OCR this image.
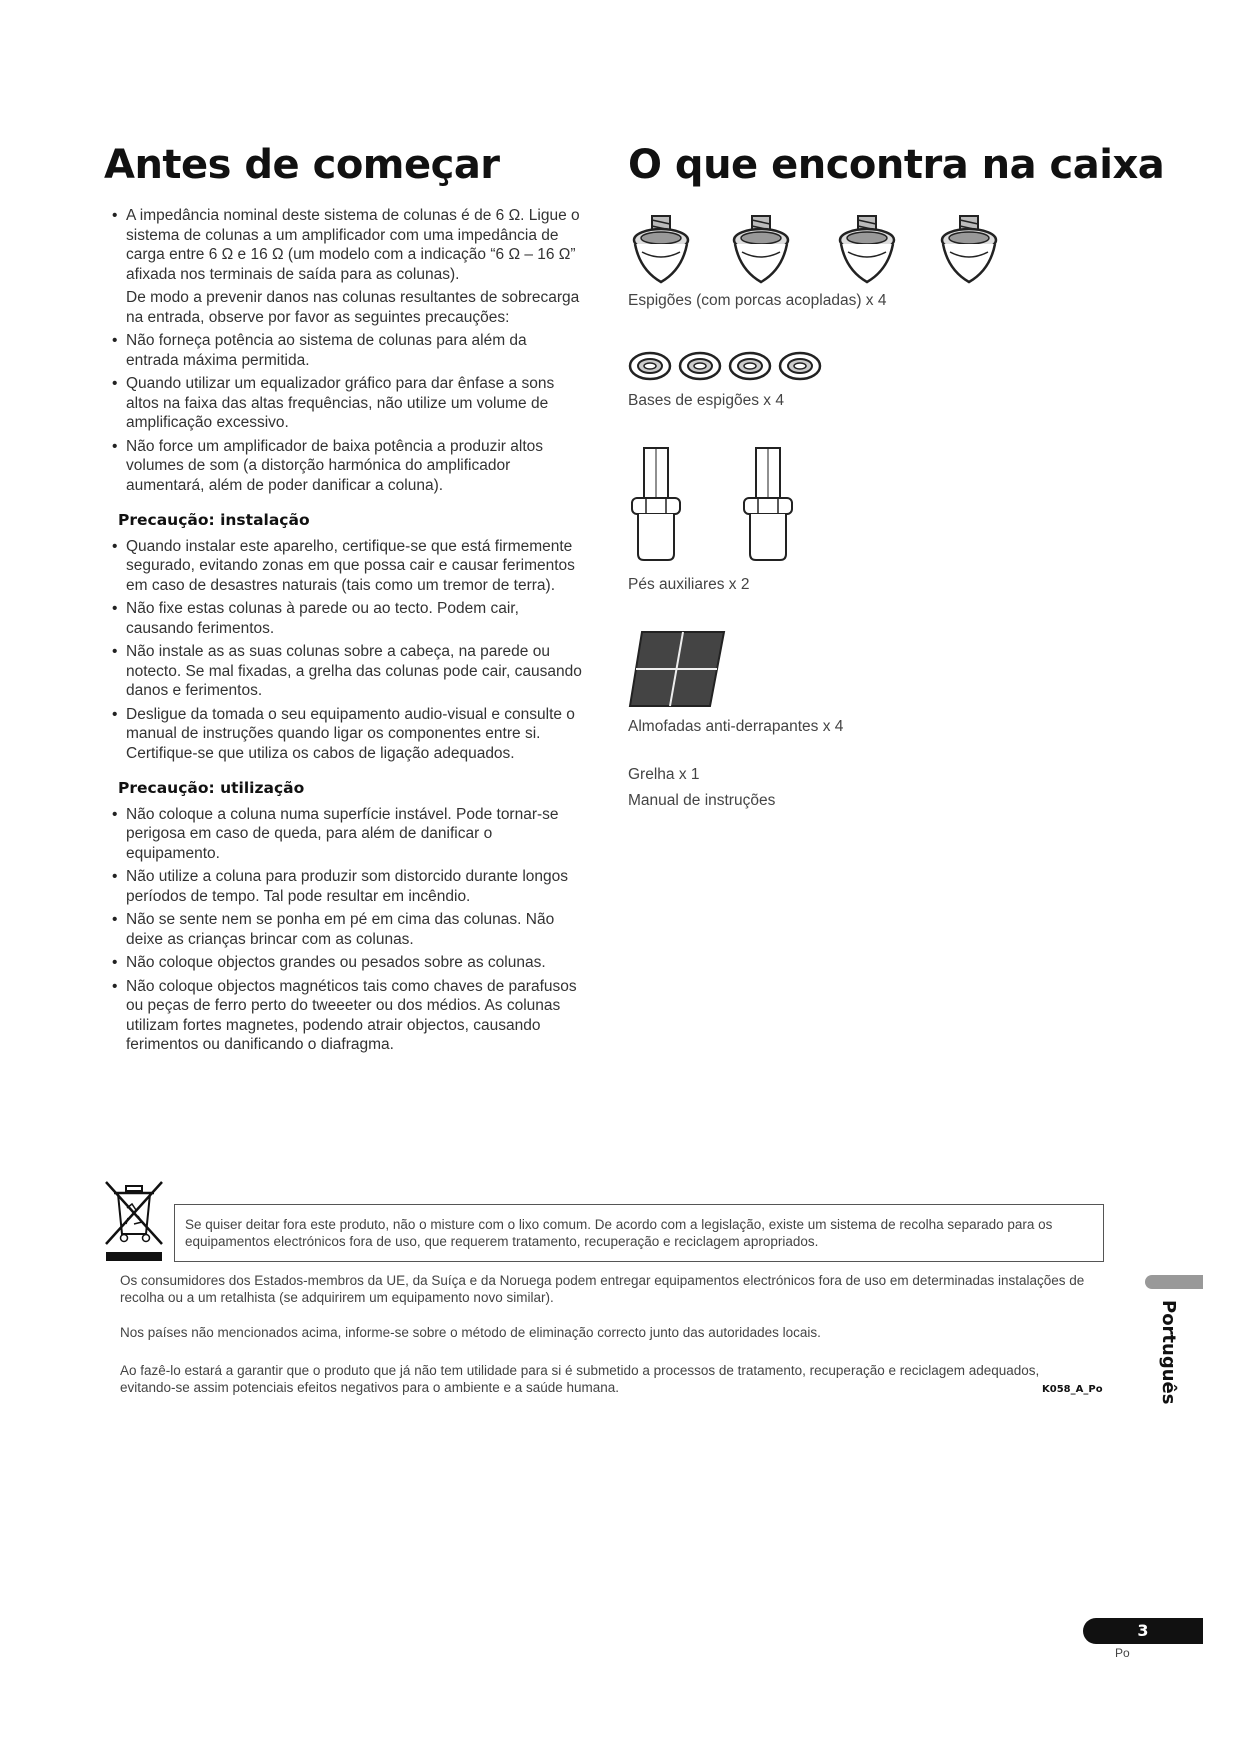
Antes de começar
• A impedância nominal deste sistema de colunas é de 6 Ω. Ligue o sistema de colunas a um amplificador com uma impedância de carga entre 6 Ω e 16 Ω (um modelo com a indicação “6 Ω – 16 Ω” afixada nos terminais de saída para as colunas).

De modo a prevenir danos nas colunas resultantes de sobrecarga na entrada, observe por favor as seguintes precauções:

• Não forneça potência ao sistema de colunas para além da entrada máxima permitida.
• Quando utilizar um equalizador gráfico para dar ênfase a sons altos na faixa das altas frequências, não utilize um volume de amplificação excessivo.
• Não force um amplificador de baixa potência a produzir altos volumes de som (a distorção harmónica do amplificador aumentará, além de poder danificar a coluna).
Precaução: instalação
• Quando instalar este aparelho, certifique-se que está firmemente segurado, evitando zonas em que possa cair e causar ferimentos em caso de desastres naturais (tais como um tremor de terra).
• Não fixe estas colunas à parede ou ao tecto. Podem cair, causando ferimentos.
• Não instale as as suas colunas sobre a cabeça, na parede ou notecto. Se mal fixadas, a grelha das colunas pode cair, causando danos e ferimentos.
• Desligue da tomada o seu equipamento audio-visual e consulte o manual de instruções quando ligar os componentes entre si. Certifique-se que utiliza os cabos de ligação adequados.
Precaução: utilização
• Não coloque a coluna numa superfície instável. Pode tornar-se perigosa em caso de queda, para além de danificar o equipamento.
• Não utilize a coluna para produzir som distorcido durante longos períodos de tempo. Tal pode resultar em incêndio.
• Não se sente nem se ponha em pé em cima das colunas. Não deixe as crianças brincar com as colunas.
• Não coloque objectos grandes ou pesados sobre as colunas.
• Não coloque objectos magnéticos tais como chaves de parafusos ou peças de ferro perto do tweeeter ou dos médios. As colunas utilizam fortes magnetes, podendo atrair objectos, causando ferimentos ou danificando o diafragma.
O que encontra na caixa
Espigões (com porcas acopladas) x 4
Bases de espigões x 4
Pés auxiliares x 2
Almofadas anti-derrapantes x 4
Grelha x 1
Manual de instruções
Se quiser deitar fora este produto, não o misture com o lixo comum. De acordo com a legislação, existe um sistema de recolha separado para os equipamentos electrónicos fora de uso, que requerem tratamento, recuperação e reciclagem apropriados.
Os consumidores dos Estados-membros da UE, da Suíça e da Noruega podem entregar equipamentos electrónicos fora de uso em determinadas instalações de recolha ou a um retalhista (se adquirirem um equipamento novo similar).
Nos países não mencionados acima, informe-se sobre o método de eliminação correcto junto das autoridades locais.
Ao fazê-lo estará a garantir que o produto que já não tem utilidade para si é submetido a processos de tratamento, recuperação e reciclagem adequados, evitando-se assim potenciais efeitos negativos para o ambiente e a saúde humana.	K058_A_Po	Português
3
Po
